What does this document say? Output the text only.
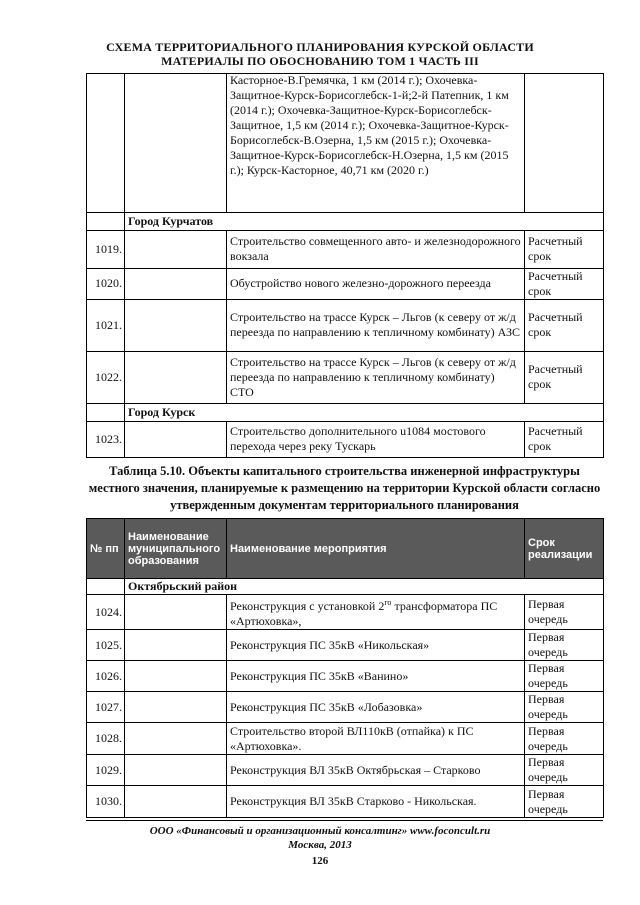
СХЕМА ТЕРРИТОРИАЛЬНОГО ПЛАНИРОВАНИЯ КУРСКОЙ ОБЛАСТИ
МАТЕРИАЛЫ ПО ОБОСНОВАНИЮ ТОМ 1 ЧАСТЬ III
		Касторное-В.Гремячка, 1 км (2014 г.); Охочевка-Защитное-Курск-Борисоглебск-1-й;2-й Патепник, 1 км (2014 г.); Охочевка-Защитное-Курск-Борисоглебск-Защитное, 1,5 км (2014 г.); Охочевка-Защитное-Курск-Борисоглебск-В.Озерна, 1,5 км (2015 г.); Охочевка-Защитное-Курск-Борисоглебск-Н.Озерна, 1,5 км (2015 г.); Курск-Касторное, 40,71 км (2020 г.)	
	Город Курчатов		
1019.		Строительство совмещенного авто- и железнодорожного вокзала	Расчетный срок
1020.		Обустройство нового железно-дорожного переезда	Расчетный срок
1021.		Строительство на трассе Курск – Льгов (к северу от ж/д переезда по направлению к тепличному комбинату) АЗС	Расчетный срок
1022.		Строительство на трассе Курск – Льгов (к северу от ж/д переезда по направлению к тепличному комбинату) СТО	Расчетный срок
	Город Курск		
1023.		Строительство дополнительного u1084 мостового перехода через реку Тускарь	Расчетный срок
Таблица 5.10. Объекты капитального строительства инженерной инфраструктуры местного значения, планируемые к размещению на территории Курской области согласно утвержденным документам территориального планирования
№ пп	Наименование муниципального образования	Наименование мероприятия	Срок реализации
	Октябрьский район		
1024.		Реконструкция с установкой $2^{го}$ трансформатора ПС «Артюховка»,	Первая очередь
1025.		Реконструкция ПС 35кВ «Никольская»	Первая очередь
1026.		Реконструкция ПС 35кВ «Ванино»	Первая очередь
1027.		Реконструкция ПС 35кВ «Лобазовка»	Первая очередь
1028.		Строительство второй ВЛ110кВ (отпайка) к ПС «Артюховка».	Первая очередь
1029.		Реконструкция ВЛ 35кВ Октябрьская – Старково	Первая очередь
1030.		Реконструкция ВЛ 35кВ Старково - Никольская.	Первая очередь
ООО «Финансовый и организационный консалтинг» www.foconcult.ru
Москва, 2013
126
